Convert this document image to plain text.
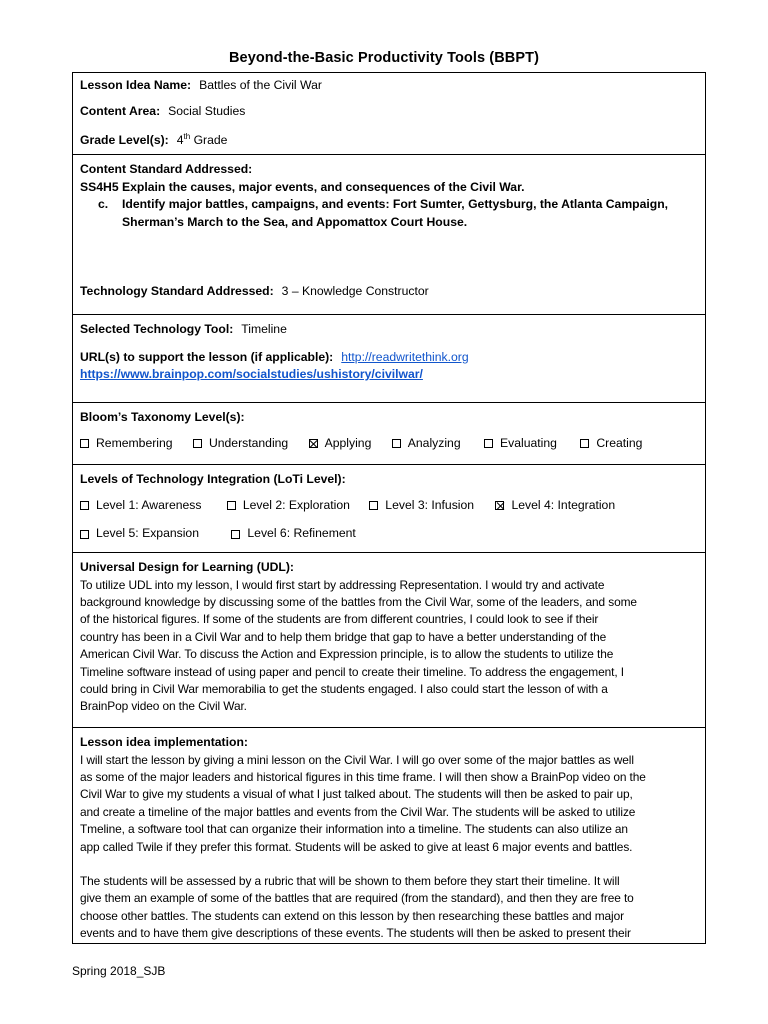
Beyond-the-Basic Productivity Tools (BBPT)
Lesson Idea Name: Battles of the Civil War
Content Area: Social Studies
Grade Level(s): 4th Grade
Content Standard Addressed:
SS4H5 Explain the causes, major events, and consequences of the Civil War.
c.	Identify major battles, campaigns, and events: Fort Sumter, Gettysburg, the Atlanta Campaign,
Sherman’s March to the Sea, and Appomattox Court House.
Technology Standard Addressed: 3 – Knowledge Constructor
Selected Technology Tool: Timeline
URL(s) to support the lesson (if applicable): http://readwritethink.org
https://www.brainpop.com/socialstudies/ushistory/civilwar/
Bloom’s Taxonomy Level(s):
Remembering
	Understanding
	Applying
	Analyzing
	Evaluating
	Creating
Levels of Technology Integration (LoTi Level):
Level 1: Awareness
	Level 2: Exploration
	Level 3: Infusion
	Level 4: Integration
Level 5: Expansion
	Level 6: Refinement
Universal Design for Learning (UDL):
To utilize UDL into my lesson, I would first start by addressing Representation. I would try and activate
background knowledge by discussing some of the battles from the Civil War, some of the leaders, and some
of the historical figures. If some of the students are from different countries, I could look to see if their
country has been in a Civil War and to help them bridge that gap to have a better understanding of the
American Civil War. To discuss the Action and Expression principle, is to allow the students to utilize the
Timeline software instead of using paper and pencil to create their timeline. To address the engagement, I
could bring in Civil War memorabilia to get the students engaged. I also could start the lesson of with a
BrainPop video on the Civil War.
Lesson idea implementation:
I will start the lesson by giving a mini lesson on the Civil War. I will go over some of the major battles as well
as some of the major leaders and historical figures in this time frame. I will then show a BrainPop video on the
Civil War to give my students a visual of what I just talked about. The students will then be asked to pair up,
and create a timeline of the major battles and events from the Civil War. The students will be asked to utilize
Tmeline, a software tool that can organize their information into a timeline. The students can also utilize an
app called Twile if they prefer this format. Students will be asked to give at least 6 major events and battles.
The students will be assessed by a rubric that will be shown to them before they start their timeline. It will
give them an example of some of the battles that are required (from the standard), and then they are free to
choose other battles. The students can extend on this lesson by then researching these battles and major
events and to have them give descriptions of these events. The students will then be asked to present their
Spring 2018_SJB
